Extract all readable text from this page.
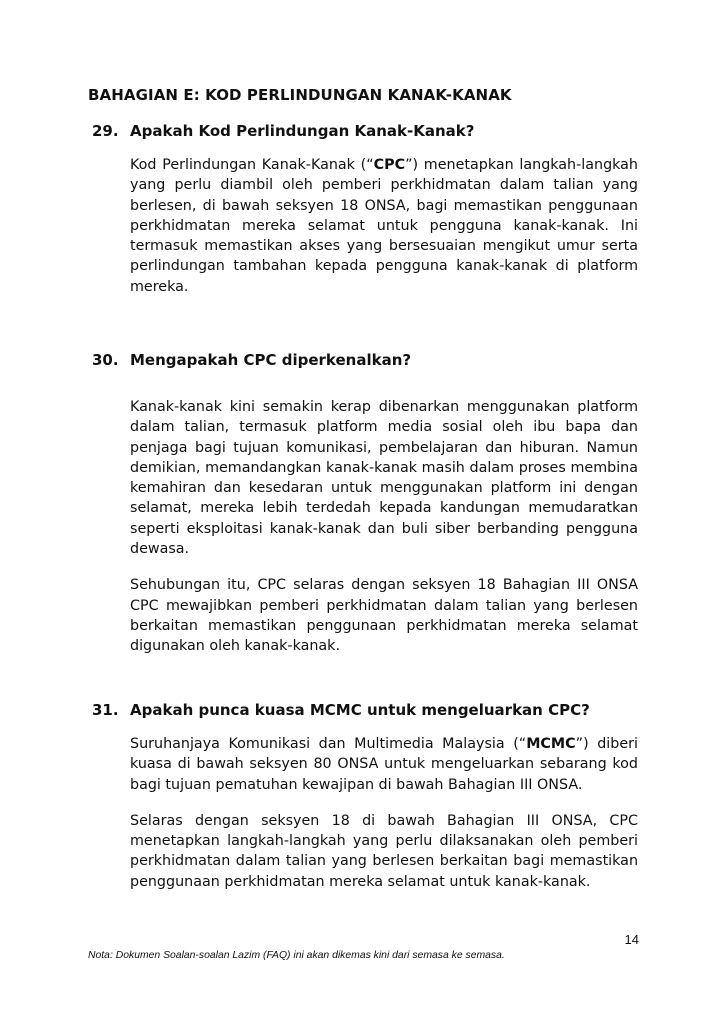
BAHAGIAN E: KOD PERLINDUNGAN KANAK-KANAK
29. Apakah Kod Perlindungan Kanak-Kanak?

Kod Perlindungan Kanak-Kanak (“CPC”) menetapkan langkah-langkah yang perlu diambil oleh pemberi perkhidmatan dalam talian yang berlesen, di bawah seksyen 18 ONSA, bagi memastikan penggunaan perkhidmatan mereka selamat untuk pengguna kanak-kanak. Ini termasuk memastikan akses yang bersesuaian mengikut umur serta perlindungan tambahan kepada pengguna kanak-kanak di platform mereka.

30. Mengapakah CPC diperkenalkan?

Kanak-kanak kini semakin kerap dibenarkan menggunakan platform dalam talian, termasuk platform media sosial oleh ibu bapa dan penjaga bagi tujuan komunikasi, pembelajaran dan hiburan. Namun demikian, memandangkan kanak-kanak masih dalam proses membina kemahiran dan kesedaran untuk menggunakan platform ini dengan selamat, mereka lebih terdedah kepada kandungan memudaratkan seperti eksploitasi kanak-kanak dan buli siber berbanding pengguna dewasa.

Sehubungan itu, CPC selaras dengan seksyen 18 Bahagian III ONSA CPC mewajibkan pemberi perkhidmatan dalam talian yang berlesen berkaitan memastikan penggunaan perkhidmatan mereka selamat digunakan oleh kanak-kanak.

31. Apakah punca kuasa MCMC untuk mengeluarkan CPC?

Suruhanjaya Komunikasi dan Multimedia Malaysia (“MCMC”) diberi kuasa di bawah seksyen 80 ONSA untuk mengeluarkan sebarang kod bagi tujuan pematuhan kewajipan di bawah Bahagian III ONSA.

Selaras dengan seksyen 18 di bawah Bahagian III ONSA, CPC menetapkan langkah-langkah yang perlu dilaksanakan oleh pemberi perkhidmatan dalam talian yang berlesen berkaitan bagi memastikan penggunaan perkhidmatan mereka selamat untuk kanak-kanak.

14
Nota: Dokumen Soalan-soalan Lazim (FAQ) ini akan dikemas kini dari semasa ke semasa.
